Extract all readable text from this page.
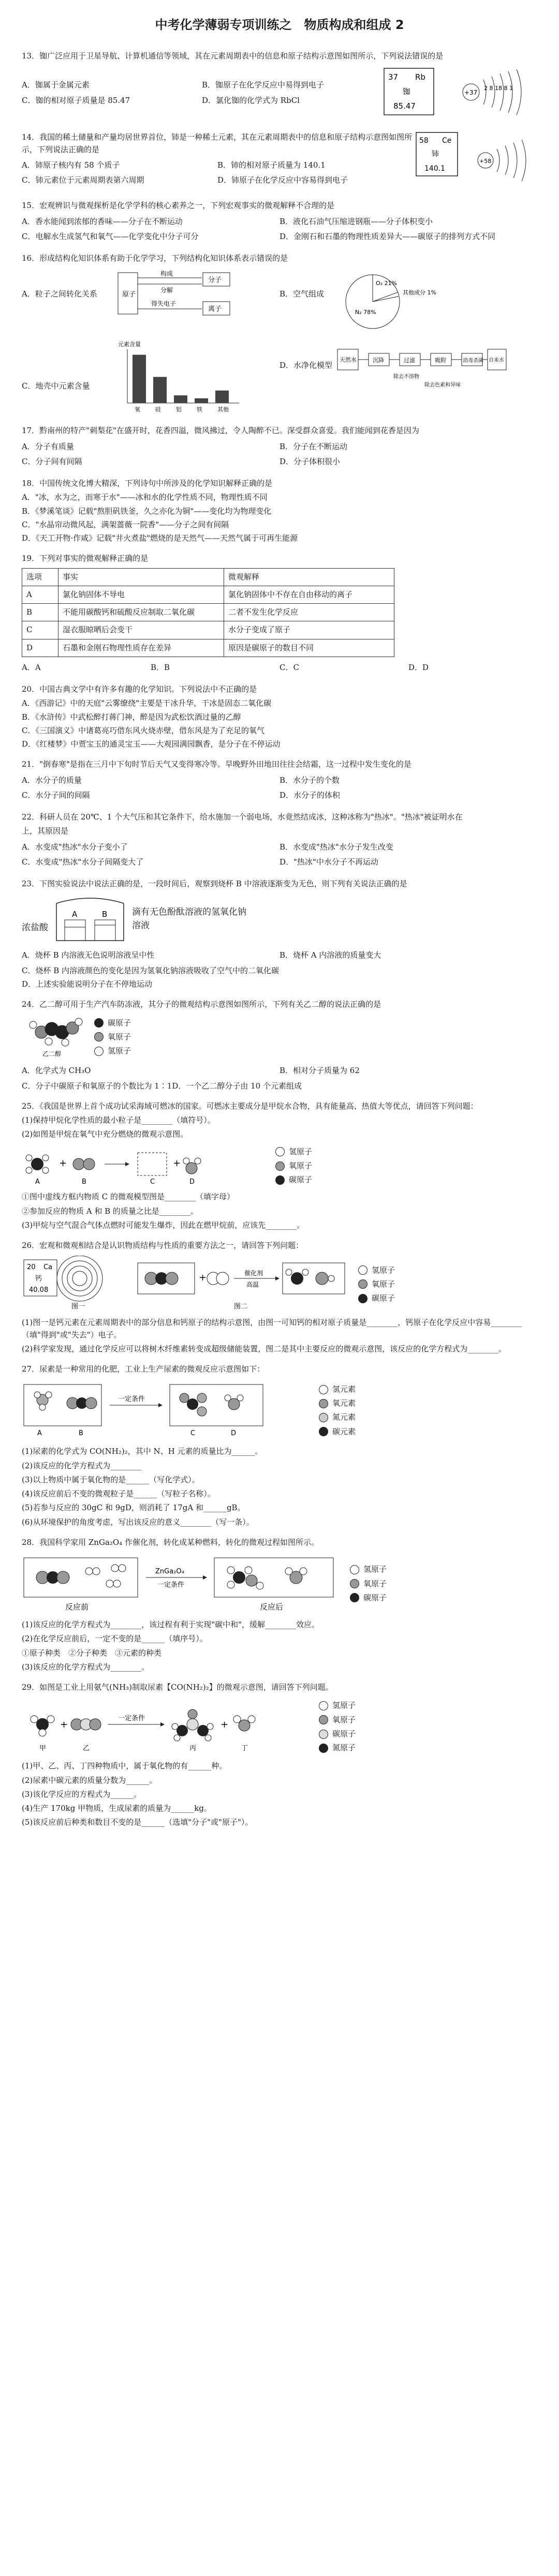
中考化学薄弱专项训练之　物质构成和组成 2

13．铷广泛应用于卫星导航、计算机通信等领域，其在元素周期表中的信息和原子结构示意图如图所示，下列说法错误的是

A．铷属于金属元素	B．铷原子在化学反应中易得到电子
C．铷的相对原子质量是 85.47	D．氯化铷的化学式为 RbCl
37 Rb
铷
85.47
+37
2 8 18 8 1

14．我国的稀土储量和产量均居世界首位，铈是一种稀土元素，其在元素周期表中的信息和原子结构示意图如图所示，下列说法正确的是

A．铈原子核内有 58 个质子	B．铈的相对原子质量为 140.1
C．铈元素位于元素周期表第六周期	D．铈原子在化学反应中容易得到电子
58 Ce
铈
140.1
+58

15．宏观辨识与微观探析是化学学科的核心素养之一，下列宏观事实的微观解释不合理的是

A．香水能闻到浓郁的香味——分子在不断运动	B．液化石油气压缩进钢瓶——分子体积变小
C．电解水生成氢气和氧气——化学变化中分子可分	D．金刚石和石墨的物理性质差异大——碳原子的排列方式不同

16．形成结构化知识体系有助于化学学习，下列结构化知识体系表示错误的是

A．粒子之间转化关系	原子
分子
离子
构成
分解
得失电子
B．空气组成
O₂ 21%
其他成分 1%
N₂ 78%
C．地壳中元素含量
元素含量
氧	硅	铝	铁	其他
D．水净化模型
天然水	沉降	过滤	吸附	消毒杀菌 自来水
除去不溶物
除去色素和异味

17．黔南州的特产"刺梨花"在盛开时，花香四溢，微风拂过，令人陶醉不已。深受群众喜爱。我们能闻到花香是因为

A．分子有质量	B．分子在不断运动
C．分子间有间隔	D．分子体积很小

18．中国传统文化博大精深，下列诗句中所涉及的化学知识解释正确的是

A．"冰，水为之，而寒于水"——冰和水的化学性质不同，物理性质不同
B．《梦溪笔谈》记载"熬胆矾铁釜，久之亦化为铜"——变化均为物理变化
C．"水晶帘动微风起，满架蔷薇一院香"——分子之间有间隔
D．《天工开物·作咸》记载"井火煮盐"燃烧的是天然气——天然气属于可再生能源

19．下列对事实的微观解释正确的是

选项	事实	微观解释
A	氯化钠固体不导电	氯化钠固体中不存在自由移动的离子
B	不能用碳酸钙和硫酸反应制取二氧化碳	二者不发生化学反应
C	湿衣服晾晒后会变干	水分子变成了原子
D	石墨和金刚石物理性质存在差异	原因是碳原子的数目不同
A．A	B．B	C．C	D．D

20．中国古典文学中有许多有趣的化学知识。下列说法中不正确的是

A．《西游记》中的天庭"云雾缭绕"主要是干冰升华，干冰是固态二氧化碳
B．《水浒传》中武松醉打蒋门神，醉是因为武松饮酒过量的乙醇
C．《三国演义》中诸葛亮巧借东风火烧赤壁，借东风是为了充足的氧气
D．《红楼梦》中贾宝玉的通灵宝玉——大观园满园飘香，是分子在不停运动

21．"倒春寒"是指在三月中下旬时节后天气又变得寒冷等。旱晚野外田地田往往会结霜，这一过程中发生变化的是

A．水分子的质量	B．水分子的个数
C．水分子间的间隔	D．水分子的体积

22．科研人员在 20℃、1 个大气压和其它条件下，给水施加一个弱电场，水竟然结成冰，这种冰称为"热冰"。"热冰"被证明水在

上，其原因是

A．水变成"热冰"水分子变小了	B．水变成"热冰"水分子发生改变
C．水变成"热冰"水分子间隔变大了	D．"热冰"中水分子不再运动

23．下图实验说法中说法正确的是，一段时间后，观察到烧杯 B 中溶液逐渐变为无色，则下列有关说法正确的是

浓盐酸
A	B	滴有无色酚酞溶液的氢氧化钠溶液
A．烧杯 B 内溶液无色说明溶液呈中性	B．烧杯 A 内溶液的质量变大
C．烧杯 B 内溶液颜色的变化是因为氢氧化钠溶液吸收了空气中的二氧化碳
D．上述实验能说明分子在不停地运动

24．乙二醇可用于生产汽车防冻液，其分子的微观结构示意图如图所示，下列有关乙二醇的说法正确的是

乙二醇
碳原子
氧原子
氢原子
A．化学式为 CH₃O	B．相对分子质量为 62
C．分子中碳原子和氧原子的个数比为 1∶1D．一个乙二醇分子由 10 个元素组成

25．《我国是世界上首个成功试采海域可燃冰的国家。可燃冰主要成分是甲烷水合物，具有能量高、热值大等优点，请回答下列问题：

(1)保持甲烷化学性质的最小粒子是________（填符号）。

(2)如图是甲烷在氧气中充分燃烧的微观示意图。

A
+
B	C
+
D
氢原子
氧原子
碳原子

①图中虚线方框内物质 C 的微观模型图是________（填字母）

②参加反应的物质 A 和 B 的质量之比是________。

(3)甲烷与空气混合气体点燃时可能发生爆炸，因此在燃甲烷前，应该先________。

26．宏观和微观相结合是认识物质结构与性质的重要方法之一，请回答下列问题：

20 Ca
钙
40.08
图一
+	催化剂
高温
图二
氢原子
氧原子
碳原子

(1)图一是钙元素在元素周期表中的部分信息和钙原子的结构示意图，由图一可知钙的相对原子质量是________，钙原子在化学反应中容易________（填"得到"或"失去"）电子。

(2)科学家发现，通过化学反应可以将树木纤维素转变成超级储能装置，图二是其中主要反应的微观示意图，该反应的化学方程式为________。

27．尿素是一种常用的化肥，工业上生产尿素的微观反应示意图如下：

A	B
一定条件
C	D
氢元素
氧元素
氮元素
碳元素

(1)尿素的化学式为 CO(NH₂)₂，其中 N、H 元素的质量比为______。

(2)该反应的化学方程式为________

(3)以上物质中属于氧化物的是______（写化学式）。

(4)该反应前后不变的微观粒子是______（写粒子名称）。

(5)若参与反应的 30gC 和 9gD，则消耗了 17gA 和______gB。

(6)从环境保护的角度考虑，写出该反应的意义________（写一条）。

28．我国科学家用 ZnGa₂O₄ 作催化剂，转化成某种燃料，转化的微观过程如图所示。

反应前
ZnGa₂O₄
一定条件
反应后
氢原子
氧原子
碳原子

(1)该反应的化学方程式为________，该过程有利于实现"碳中和"，缓解________效应。

(2)在化学反应前后，一定不变的是______（填序号）。

①原子种类　②分子种类　③元素的种类

(3)该反应的化学方程式为________。

29．如图是工业上用氨气(NH₃)制取尿素【CO(NH₂)₂】的微观示意图，请回答下列问题。

甲
+
乙
一定条件
丙
+
丁
氢原子
氧原子
碳原子
氮原子

(1)甲、乙、丙、丁四种物质中，属于氧化物的有______种。

(2)尿素中碳元素的质量分数为______。

(3)该化学反应的方程式为______。

(4)生产 170kg 甲物质，生成尿素的质量为______kg。

(5)该反应前后种类和数目不变的是______（选填"分子"或"原子"）。
